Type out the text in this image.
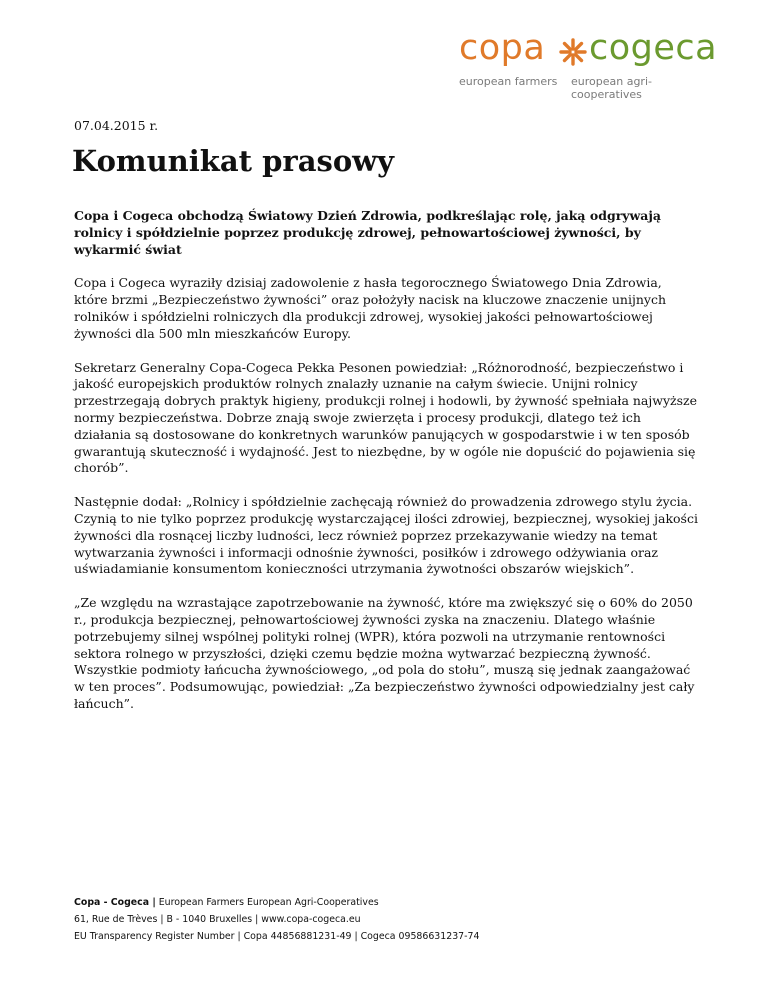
copa cogeca
european farmers european agri-cooperatives
07.04.2015 r.
Komunikat prasowy

Copa i Cogeca obchodzą Światowy Dzień Zdrowia, podkreślając rolę, jaką odgrywają rolnicy i spółdzielnie poprzez produkcję zdrowej, pełnowartościowej żywności, by wykarmić świat

Copa i Cogeca wyraziły dzisiaj zadowolenie z hasła tegorocznego Światowego Dnia Zdrowia, które brzmi „Bezpieczeństwo żywności” oraz położyły nacisk na kluczowe znaczenie unijnych rolników i spółdzielni rolniczych dla produkcji zdrowej, wysokiej jakości pełnowartościowej żywności dla 500 mln mieszkańców Europy.

Sekretarz Generalny Copa-Cogeca Pekka Pesonen powiedział: „Różnorodność, bezpieczeństwo i jakość europejskich produktów rolnych znalazły uznanie na całym świecie. Unijni rolnicy przestrzegają dobrych praktyk higieny, produkcji rolnej i hodowli, by żywność spełniała najwyższe normy bezpieczeństwa. Dobrze znają swoje zwierzęta i procesy produkcji, dlatego też ich działania są dostosowane do konkretnych warunków panujących w gospodarstwie i w ten sposób gwarantują skuteczność i wydajność. Jest to niezbędne, by w ogóle nie dopuścić do pojawienia się chorób”.

Następnie dodał: „Rolnicy i spółdzielnie zachęcają również do prowadzenia zdrowego stylu życia. Czynią to nie tylko poprzez produkcję wystarczającej ilości zdrowiej, bezpiecznej, wysokiej jakości żywności dla rosnącej liczby ludności, lecz również poprzez przekazywanie wiedzy na temat wytwarzania żywności i informacji odnośnie żywności, posiłków i zdrowego odżywiania oraz uświadamianie konsumentom konieczności utrzymania żywotności obszarów wiejskich”.

„Ze względu na wzrastające zapotrzebowanie na żywność, które ma zwiększyć się o 60% do 2050 r., produkcja bezpiecznej, pełnowartościowej żywności zyska na znaczeniu. Dlatego właśnie potrzebujemy silnej wspólnej polityki rolnej (WPR), która pozwoli na utrzymanie rentowności sektora rolnego w przyszłości, dzięki czemu będzie można wytwarzać bezpieczną żywność. Wszystkie podmioty łańcucha żywnościowego, „od pola do stołu”, muszą się jednak zaangażować w ten proces”. Podsumowując, powiedział: „Za bezpieczeństwo żywności odpowiedzialny jest cały łańcuch”.

Copa - Cogeca | European Farmers European Agri-Cooperatives
61, Rue de Trèves | B - 1040 Bruxelles | www.copa-cogeca.eu
EU Transparency Register Number | Copa 44856881231-49 | Cogeca 09586631237-74
